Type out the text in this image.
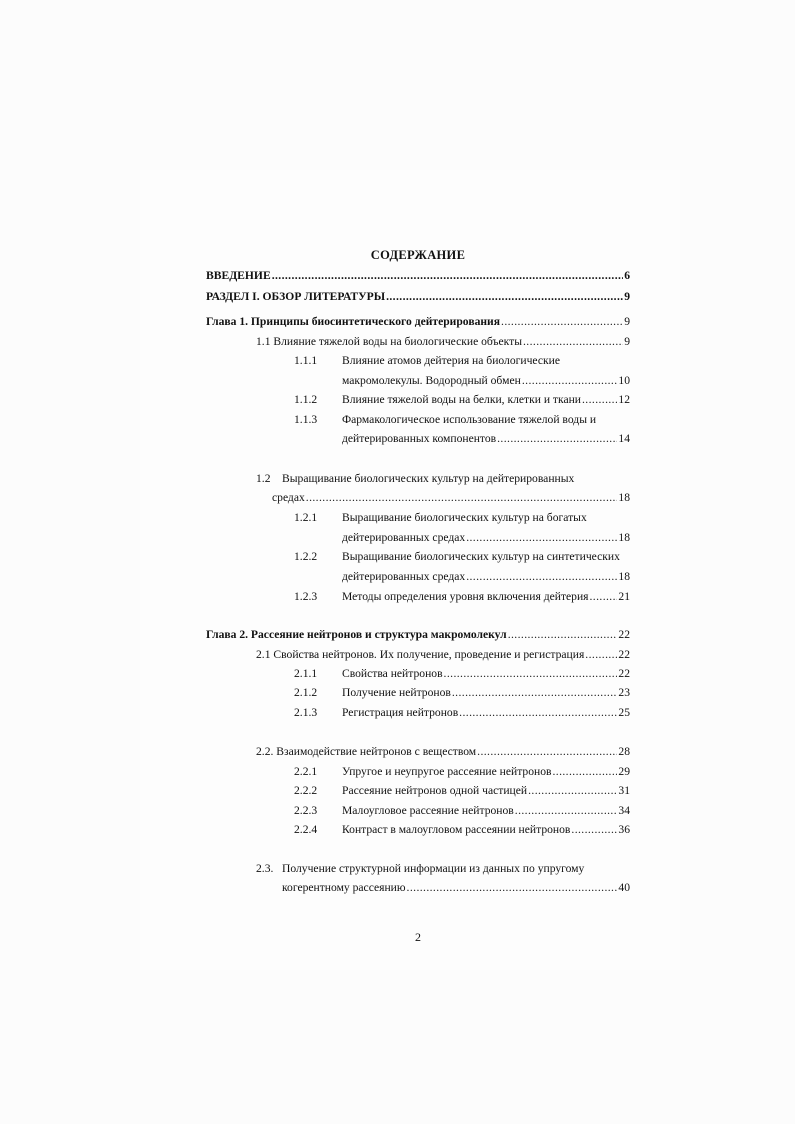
СОДЕРЖАНИЕ
ВВЕДЕНИЕ .....	6
РАЗДЕЛ I. ОБЗОР ЛИТЕРАТУРЫ .....	9
Глава 1. Принципы биосинтетического дейтерирования .....	9
1.1 Влияние тяжелой воды на биологические объекты .....	9
1.1.1 Влияние атомов дейтерия на биологические
макромолекулы. Водородный обмен .....	10
1.1.2 Влияние тяжелой воды на белки, клетки и ткани .....	12
1.1.3 Фармакологическое использование тяжелой воды и
дейтерированных компонентов .....	14
1.2 Выращивание биологических культур на дейтерированных
средах .....	18
1.2.1 Выращивание биологических культур на богатых
дейтерированных средах .....	18
1.2.2 Выращивание биологических культур на синтетических
дейтерированных средах .....	18
1.2.3 Методы определения уровня включения дейтерия .....	21
Глава 2. Рассеяние нейтронов и структура макромолекул .....	22
2.1 Свойства нейтронов. Их получение, проведение и регистрация .....	22
2.1.1 Свойства нейтронов .....	22
2.1.2 Получение нейтронов .....	23
2.1.3 Регистрация нейтронов .....	25
2.2. Взаимодействие нейтронов с веществом .....	28
2.2.1 Упругое и неупругое рассеяние нейтронов .....	29
2.2.2 Рассеяние нейтронов одной частицей .....	31
2.2.3 Малоугловое рассеяние нейтронов .....	34
2.2.4 Контраст в малоугловом рассеянии нейтронов .....	36
2.3. Получение структурной информации из данных по упругому
когерентному рассеянию .....	40
2
